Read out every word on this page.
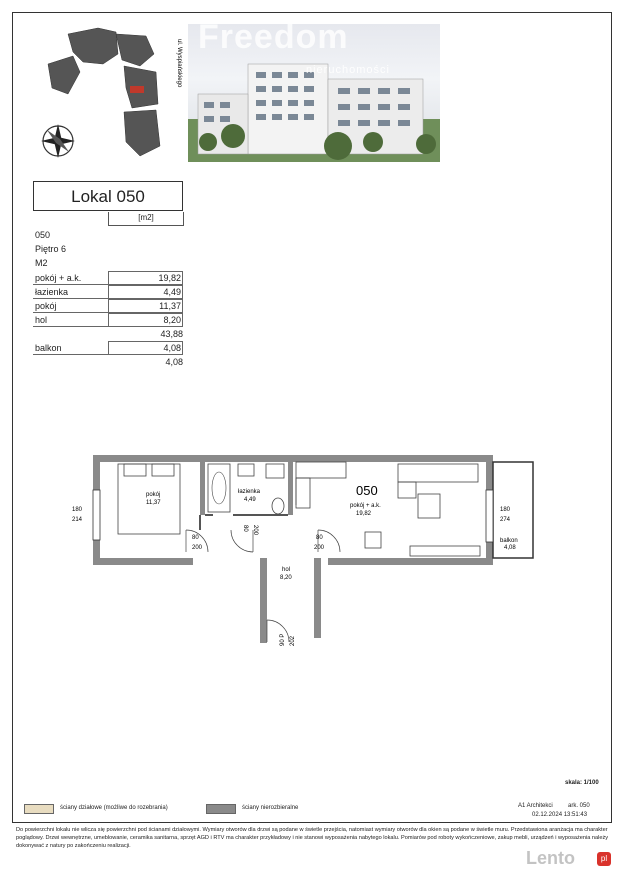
ul. Wyspiańskiego
Freedom
nieruchomości
Lokal 050
[m2]
050
Piętro 6
M2
pokój + a.k.	19,82
łazienka	4,49
pokój	11,37
hol	8,20
43,88
balkon	4,08
4,08
pokój
11,37
łazienka
4,49
050
pokój + a.k.
19,82
hol
8,20
balkon
4,08
180
214
180
274
80
200
80 200
80
200
90 P 202
skala: 1/100
ściany działowe (możliwe do rozebrania)	ściany nierozbieralne	A1 Architekci	ark. 050
02.12.2024 13:51:43
Do powierzchni lokalu nie wlicza się powierzchni pod ścianami działowymi. Wymiary otworów dla drzwi są podane w świetle przejścia, natomiast wymiary otworów dla okien są podane w świetle muru. Przedstawiona aranżacja ma charakter poglądowy. Drzwi wewnętrzne, umeblowanie, ceramika sanitarna, sprzęt AGD i RTV ma charakter przykładowy i nie stanowi wyposażenia nabytego lokalu. Pomiarów pod roboty wykończeniowe, zakup mebli, urządzeń i wyposażenia należy dokonywać z natury po zakończeniu realizacji.
Lento	pl
